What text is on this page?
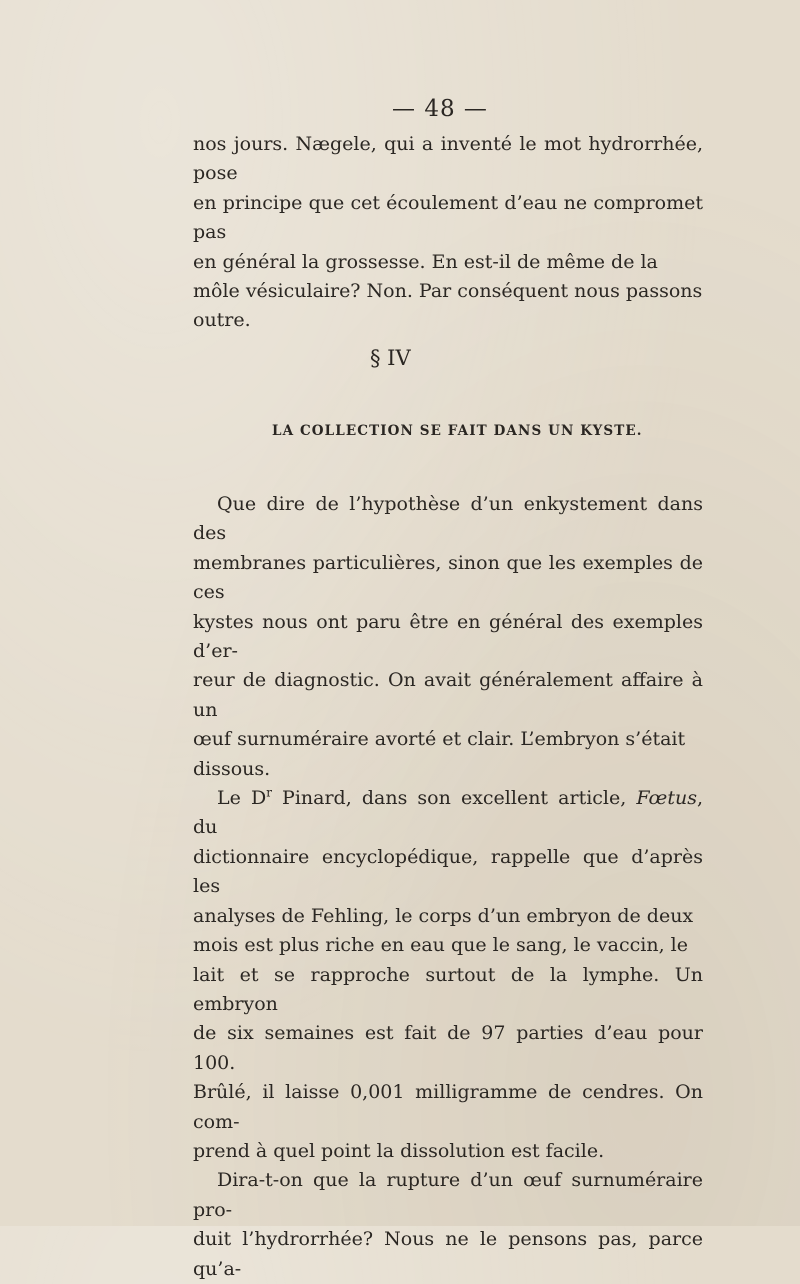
— 48 —

nos jours. Nægele, qui a inventé le mot hydrorrhée, pose

en principe que cet écoulement d’eau ne compromet pas

en général la grossesse. En est-il de même de la

môle vésiculaire? Non. Par conséquent nous passons

outre.

§ IV
LA COLLECTION SE FAIT DANS UN KYSTE.

Que dire de l’hypothèse d’un enkystement dans des

membranes particulières, sinon que les exemples de ces

kystes nous ont paru être en général des exemples d’er-

reur de diagnostic. On avait généralement affaire à un

œuf surnuméraire avorté et clair. L’embryon s’était

dissous.

Le $D^r$ Pinard, dans son excellent article, Fœtus, du

dictionnaire encyclopédique, rappelle que d’après les

analyses de Fehling, le corps d’un embryon de deux

mois est plus riche en eau que le sang, le vaccin, le

lait et se rapproche surtout de la lymphe. Un embryon

de six semaines est fait de 97 parties d’eau pour 100.

Brûlé, il laisse 0,001 milligramme de cendres. On com-

prend à quel point la dissolution est facile.

Dira-t-on que la rupture d’un œuf surnuméraire pro-

duit l’hydrorrhée? Nous ne le pensons pas, parce qu’a-
